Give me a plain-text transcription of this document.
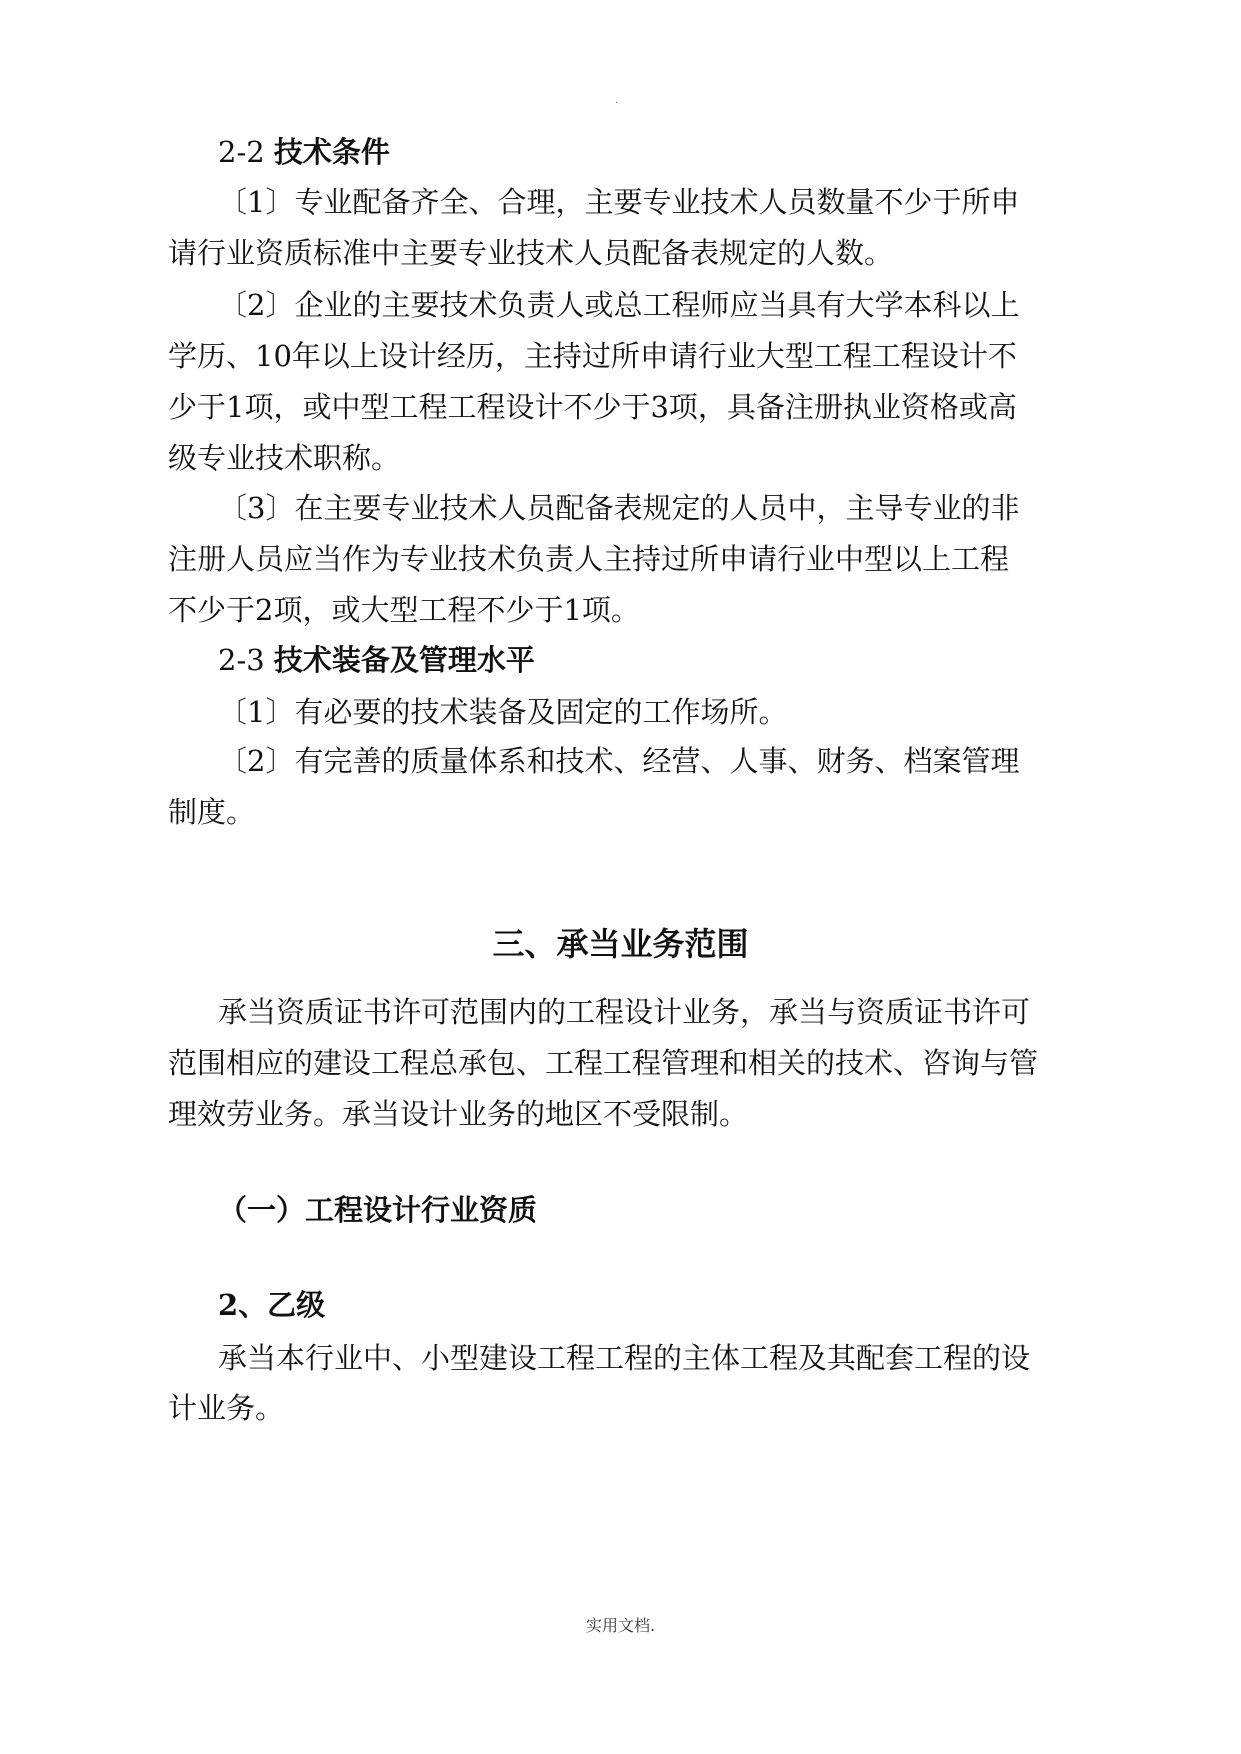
.
2-2 技术条件
〔1〕专业配备齐全、合理，主要专业技术人员数量不少于所申
请行业资质标准中主要专业技术人员配备表规定的人数。
〔2〕企业的主要技术负责人或总工程师应当具有大学本科以上
学历、10年以上设计经历，主持过所申请行业大型工程工程设计不
少于1项，或中型工程工程设计不少于3项，具备注册执业资格或高
级专业技术职称。
〔3〕在主要专业技术人员配备表规定的人员中，主导专业的非
注册人员应当作为专业技术负责人主持过所申请行业中型以上工程
不少于2项，或大型工程不少于1项。
2-3 技术装备及管理水平
〔1〕有必要的技术装备及固定的工作场所。
〔2〕有完善的质量体系和技术、经营、人事、财务、档案管理
制度。
三、承当业务范围
承当资质证书许可范围内的工程设计业务，承当与资质证书许可
范围相应的建设工程总承包、工程工程管理和相关的技术、咨询与管
理效劳业务。承当设计业务的地区不受限制。
（一）工程设计行业资质
2、乙级
承当本行业中、小型建设工程工程的主体工程及其配套工程的设
计业务。
实用文档.
